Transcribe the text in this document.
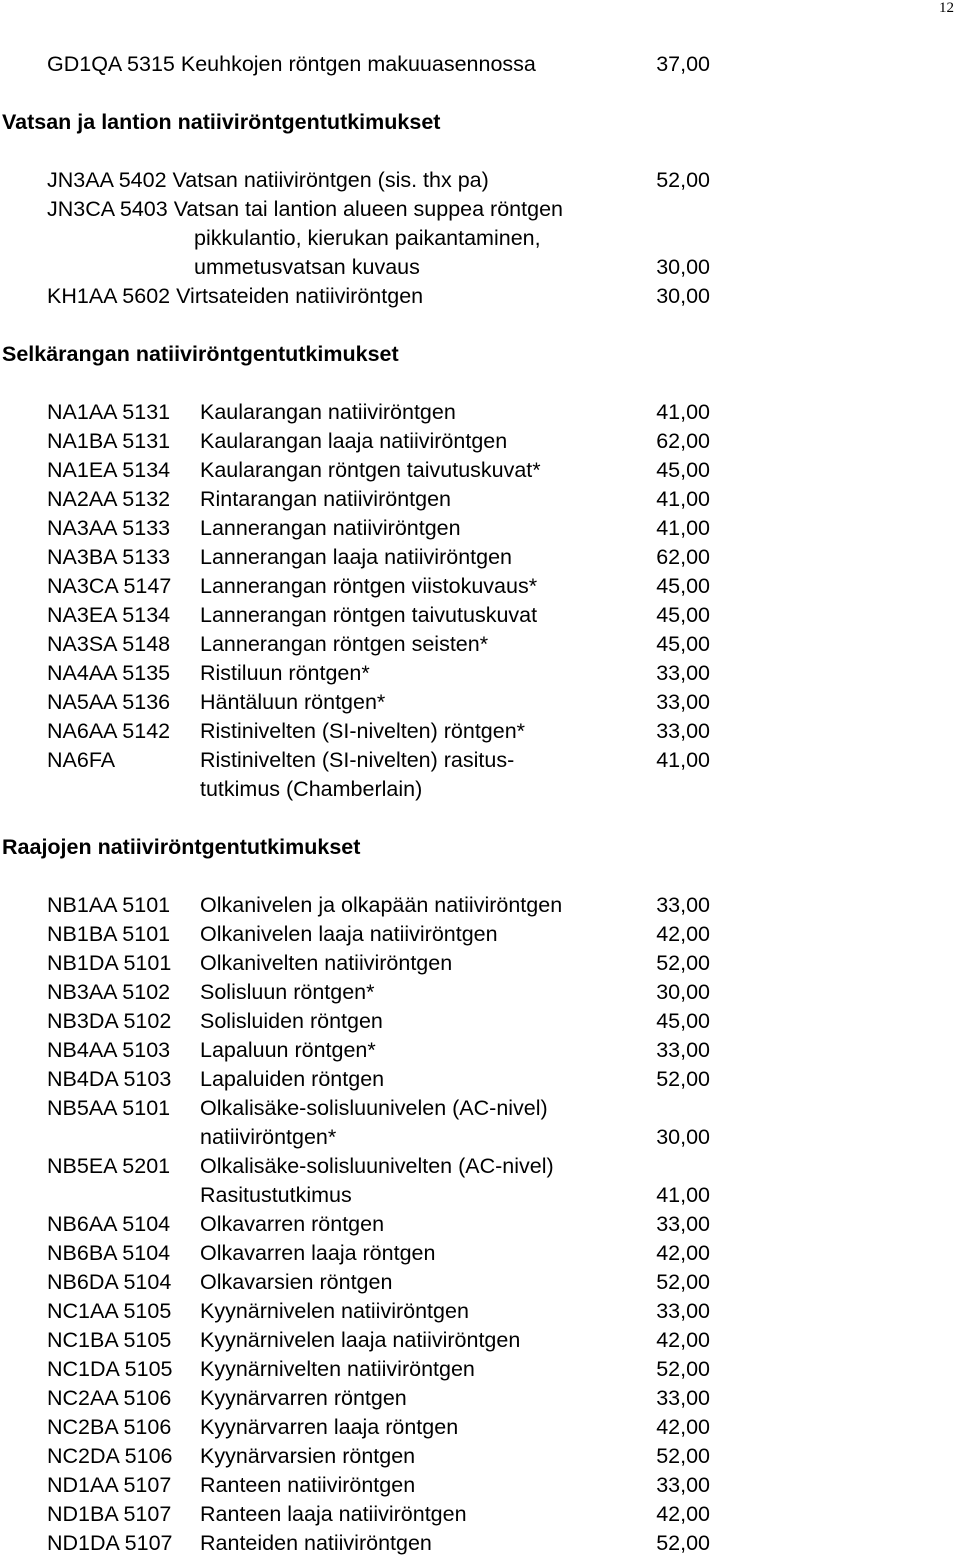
12
GD1QA 5315 Keuhkojen röntgen makuuasennossa	37,00
Vatsan ja lantion natiiviröntgentutkimukset
JN3AA 5402 Vatsan natiiviröntgen (sis. thx pa)	52,00
JN3CA 5403 Vatsan tai lantion alueen suppea röntgen
pikkulantio, kierukan paikantaminen,
ummetusvatsan kuvaus	30,00
KH1AA 5602 Virtsateiden natiiviröntgen	30,00
Selkärangan natiiviröntgentutkimukset
NA1AA 5131 Kaularangan natiiviröntgen	41,00
NA1BA 5131 Kaularangan laaja natiiviröntgen	62,00
NA1EA 5134 Kaularangan röntgen taivutuskuvat*	45,00
NA2AA 5132 Rintarangan natiiviröntgen	41,00
NA3AA 5133 Lannerangan natiiviröntgen	41,00
NA3BA 5133 Lannerangan laaja natiiviröntgen	62,00
NA3CA 5147 Lannerangan röntgen viistokuvaus*	45,00
NA3EA 5134 Lannerangan röntgen taivutuskuvat	45,00
NA3SA 5148 Lannerangan röntgen seisten*	45,00
NA4AA 5135 Ristiluun röntgen*	33,00
NA5AA 5136 Häntäluun röntgen*	33,00
NA6AA 5142 Ristinivelten (SI-nivelten) röntgen*	33,00
NA6FA	Ristinivelten (SI-nivelten) rasitus-	41,00
tutkimus (Chamberlain)
Raajojen natiiviröntgentutkimukset
NB1AA 5101 Olkanivelen ja olkapään natiiviröntgen	33,00
NB1BA 5101 Olkanivelen laaja natiiviröntgen	42,00
NB1DA 5101 Olkanivelten natiiviröntgen	52,00
NB3AA 5102 Solisluun röntgen*	30,00
NB3DA 5102 Solisluiden röntgen	45,00
NB4AA 5103 Lapaluun röntgen*	33,00
NB4DA 5103 Lapaluiden röntgen	52,00
NB5AA 5101 Olkalisäke-solisluunivelen (AC-nivel)
natiiviröntgen*	30,00
NB5EA 5201 Olkalisäke-solisluunivelten (AC-nivel)
Rasitustutkimus	41,00
NB6AA 5104 Olkavarren röntgen	33,00
NB6BA 5104 Olkavarren laaja röntgen	42,00
NB6DA 5104 Olkavarsien röntgen	52,00
NC1AA 5105 Kyynärnivelen natiiviröntgen	33,00
NC1BA 5105 Kyynärnivelen laaja natiiviröntgen	42,00
NC1DA 5105 Kyynärnivelten natiiviröntgen	52,00
NC2AA 5106 Kyynärvarren röntgen	33,00
NC2BA 5106 Kyynärvarren laaja röntgen	42,00
NC2DA 5106 Kyynärvarsien röntgen	52,00
ND1AA 5107 Ranteen natiiviröntgen	33,00
ND1BA 5107 Ranteen laaja natiiviröntgen	42,00
ND1DA 5107 Ranteiden natiiviröntgen	52,00
